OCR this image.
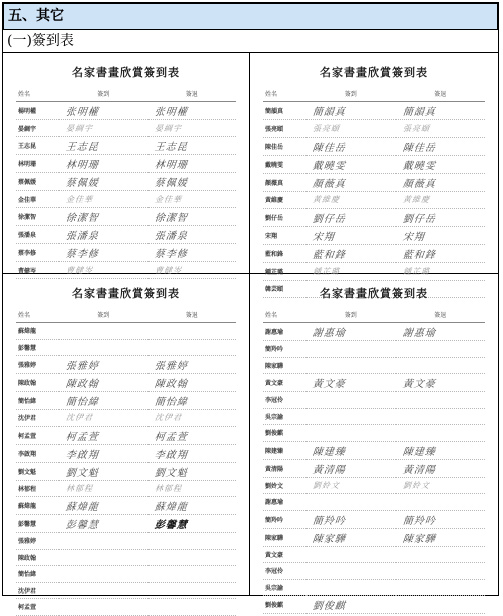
五、其它
(一)簽到表
名家書畫欣賞簽到表
姓名	簽到	簽退
楊明權	张明權	张明權
晏綢宇	晏綢宇	晏綢宇
王志昆	王志昆	王志昆
林明珊	林明珊	林明珊
蔡佩媛	蔡佩媛	蔡佩媛
金佳華	金佳華	金佳華
徐潔智	徐潔智	徐潔智
張潘泉	張潘泉	張潘泉
蔡李修	蔡李修	蔡李修
曹健岑	曹健岑	曹健岑
名家書畫欣賞簽到表
姓名	簽到	簽退
簡韻真	簡韻真	簡韻真
張亮頤	張亮頤	張亮頤
陳佳岳	陳佳岳	陳佳岳
戴曉雯	戴曉雯	戴曉雯
顏薇真	顏薇真	顏薇真
黃維慶	黃維慶	黃維慶
劉仔岳	劉仔岳	劉仔岳
宋翔	宋翔	宋翔
藍和鋒	藍和鋒	藍和鋒
鍾芷璐	鍾芷璐	鍾芷璐
韓芸頤		
名家書畫欣賞簽到表
姓名	簽到	簽退
蘇煒龍		
彭馨慧		
張雅婷	張雅婷	張雅婷
陳政翰	陳政翰	陳政翰
簡怡緯	簡怡緯	簡怡緯
沈伊君	沈伊君	沈伊君
柯孟萱	柯孟萱	柯孟萱
李啟翔	李啟翔	李啟翔
劉文魁	劉文魁	劉文魁
林郁程	林郁程	林郁程
蘇煒龍	蘇煒龍	蘇煒龍
彭馨慧	彭馨慧	彭馨慧
張雅婷		
陳政翰		
簡怡緯		
沈伊君		
柯孟萱		
名家書畫欣賞簽到表
姓名	簽到	簽退
謝惠瑜	謝惠瑜	謝惠瑜
簡羚吟		
陳家驊		
黃文豪	黃文豪	黃文豪
李冠伶		
吳宗諭		
劉俊麒		
陳建臻	陳建臻	陳建臻
黃清陽	黃清陽	黃清陽
劉姈文	劉姈文	劉姈文
謝惠瑜		
簡羚吟	簡羚吟	簡羚吟
陳家驊	陳家驊	陳家驊
黃文豪		
李冠伶		
吳宗諭		
劉俊麒	劉俊麒	
